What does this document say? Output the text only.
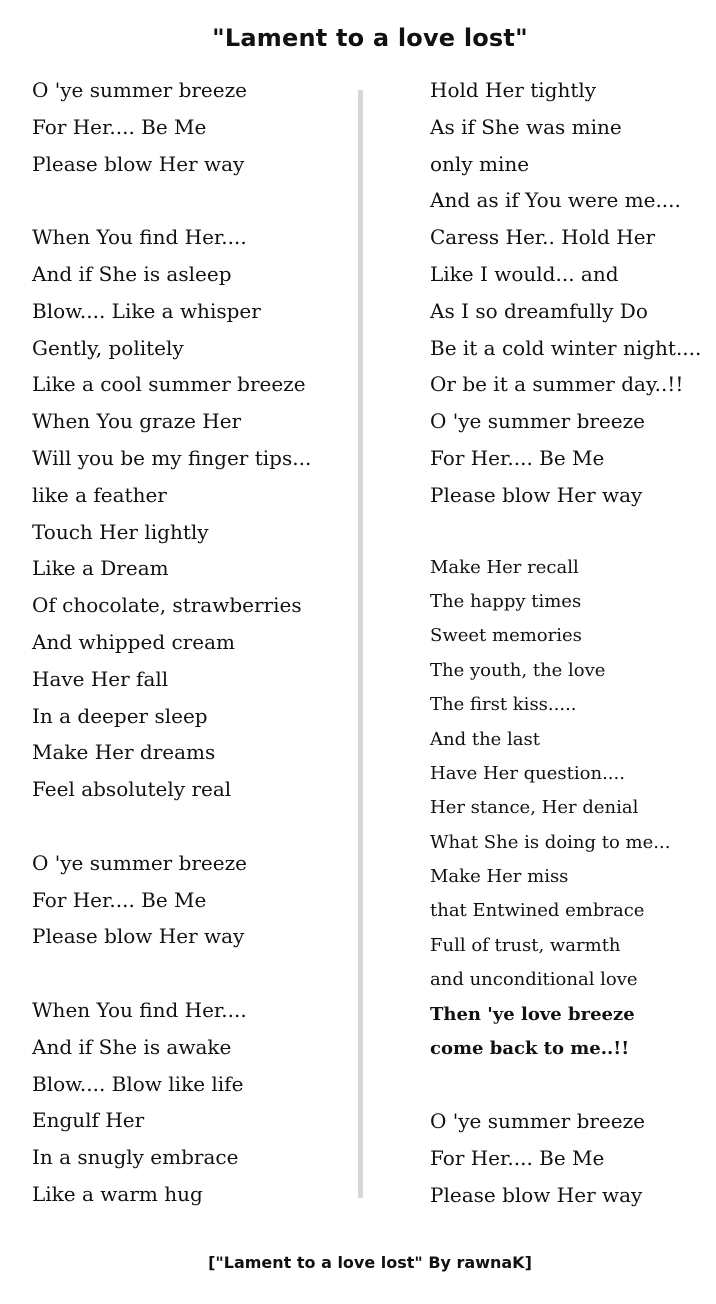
"Lament to a love lost"
O 'ye summer breeze
For Her.... Be Me
Please blow Her way
When You find Her....
And if She is asleep
Blow.... Like a whisper
Gently, politely
Like a cool summer breeze
When You graze Her
Will you be my finger tips...
like a feather
Touch Her lightly
Like a Dream
Of chocolate, strawberries
And whipped cream
Have Her fall
In a deeper sleep
Make Her dreams
Feel absolutely real
O 'ye summer breeze
For Her.... Be Me
Please blow Her way
When You find Her....
And if She is awake
Blow.... Blow like life
Engulf Her
In a snugly embrace
Like a warm hug
Hold Her tightly
As if She was mine
only mine
And as if You were me....
Caress Her.. Hold Her
Like I would... and
As I so dreamfully Do
Be it a cold winter night....
Or be it a summer day..!!
O 'ye summer breeze
For Her.... Be Me
Please blow Her way
Make Her recall
The happy times
Sweet memories
The youth, the love
The first kiss.....
And the last
Have Her question....
Her stance, Her denial
What She is doing to me...
Make Her miss
that Entwined embrace
Full of trust, warmth
and unconditional love
Then 'ye love breeze
come back to me..!!
O 'ye summer breeze
For Her.... Be Me
Please blow Her way
["Lament to a love lost" By rawnaK]
